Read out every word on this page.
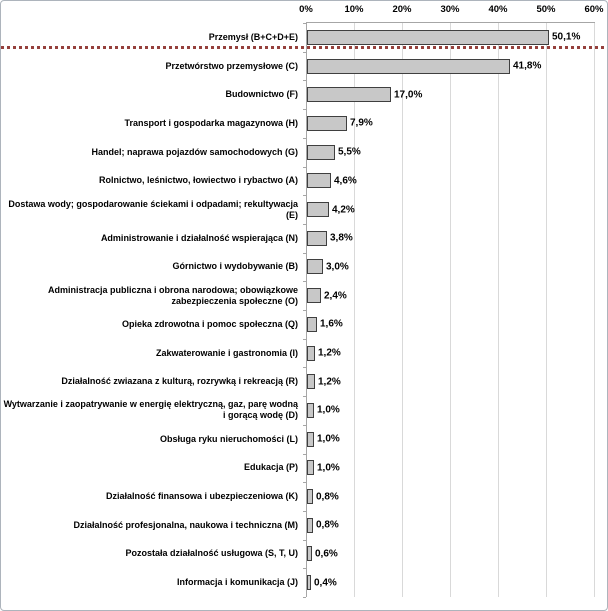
0%	10%	20%	30%	40%	50%	60%
50,1%
41,8%
17,0%
7,9%
5,5%
4,6%
4,2%
3,8%
3,0%
2,4%
1,6%
1,2%
1,2%
1,0%
1,0%
1,0%
0,8%
0,8%
0,6%
0,4%
Przemysł (B+C+D+E)
Przetwórstwo przemysłowe (C)
Budownictwo (F)
Transport i gospodarka magazynowa (H)
Handel; naprawa pojazdów samochodowych (G)
Rolnictwo, leśnictwo, łowiectwo i rybactwo (A)
Dostawa wody; gospodarowanie ściekami i odpadami; rekultywacja (E)
Administrowanie i działalność wspierająca (N)
Górnictwo i wydobywanie (B)
Administracja publiczna i obrona narodowa; obowiązkowe zabezpieczenia społeczne (O)
Opieka zdrowotna i pomoc społeczna (Q)
Zakwaterowanie i gastronomia (I)
Działalność zwiazana z kulturą, rozrywką i rekreacją (R)
Wytwarzanie i zaopatrywanie w energię elektryczną, gaz, parę wodną i gorącą wodę (D)
Obsługa ryku nieruchomości (L)
Edukacja (P)
Działalność finansowa i ubezpieczeniowa (K)
Działalność profesjonalna, naukowa i techniczna (M)
Pozostała działalność usługowa (S, T, U)
Informacja i komunikacja (J)
